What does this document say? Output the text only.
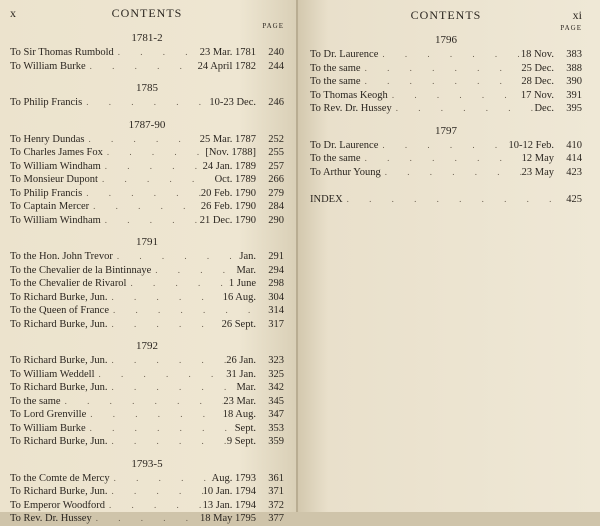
x	CONTENTS
PAGE
1781-2
To Sir Thomas Rumbold . . .	23 Mar. 1781	240
To William Burke . . .	24 April 1782	244
1785
To Philip Francis . . .	10-23 Dec.	246
1787-90
To Henry Dundas . . .	25 Mar. 1787	252
To Charles James Fox . . .	[Nov. 1788]	255
To William Windham . . .	24 Jan. 1789	257
To Monsieur Dupont . . .	Oct. 1789	266
To Philip Francis . . .	20 Feb. 1790	279
To Captain Mercer . . .	26 Feb. 1790	284
To William Windham . . .	21 Dec. 1790	290
1791
To the Hon. John Trevor . . .	Jan.	291
To the Chevalier de la Bintinnaye . . .	Mar.	294
To the Chevalier de Rivarol . . .	1 June	298
To Richard Burke, Jun. . . .	16 Aug.	304
To the Queen of France . . .	314
To Richard Burke, Jun. . . .	26 Sept.	317
1792
To Richard Burke, Jun. . . .	26 Jan.	323
To William Weddell . . .	31 Jan.	325
To Richard Burke, Jun. . . .	Mar.	342
To the same . . .	23 Mar.	345
To Lord Grenville . . .	18 Aug.	347
To William Burke . . .	Sept.	353
To Richard Burke, Jun. . . .	9 Sept.	359
1793-5
To the Comte de Mercy . . .	Aug. 1793	361
To Richard Burke, Jun. . . .	10 Jan. 1794	371
To Emperor Woodford . . .	13 Jan. 1794	372
To Rev. Dr. Hussey . . .	18 May 1795	377
xi
CONTENTS
PAGE
1796
To Dr. Laurence . . .	18 Nov.	383
To the same . . .	25 Dec.	388
To the same . . .	28 Dec.	390
To Thomas Keogh . . .	17 Nov.	391
To Rev. Dr. Hussey . . .	Dec.	395
1797
To Dr. Laurence . . .	10-12 Feb.	410
To the same . . .	12 May	414
To Arthur Young . . .	23 May	423
INDEX . . .	425
